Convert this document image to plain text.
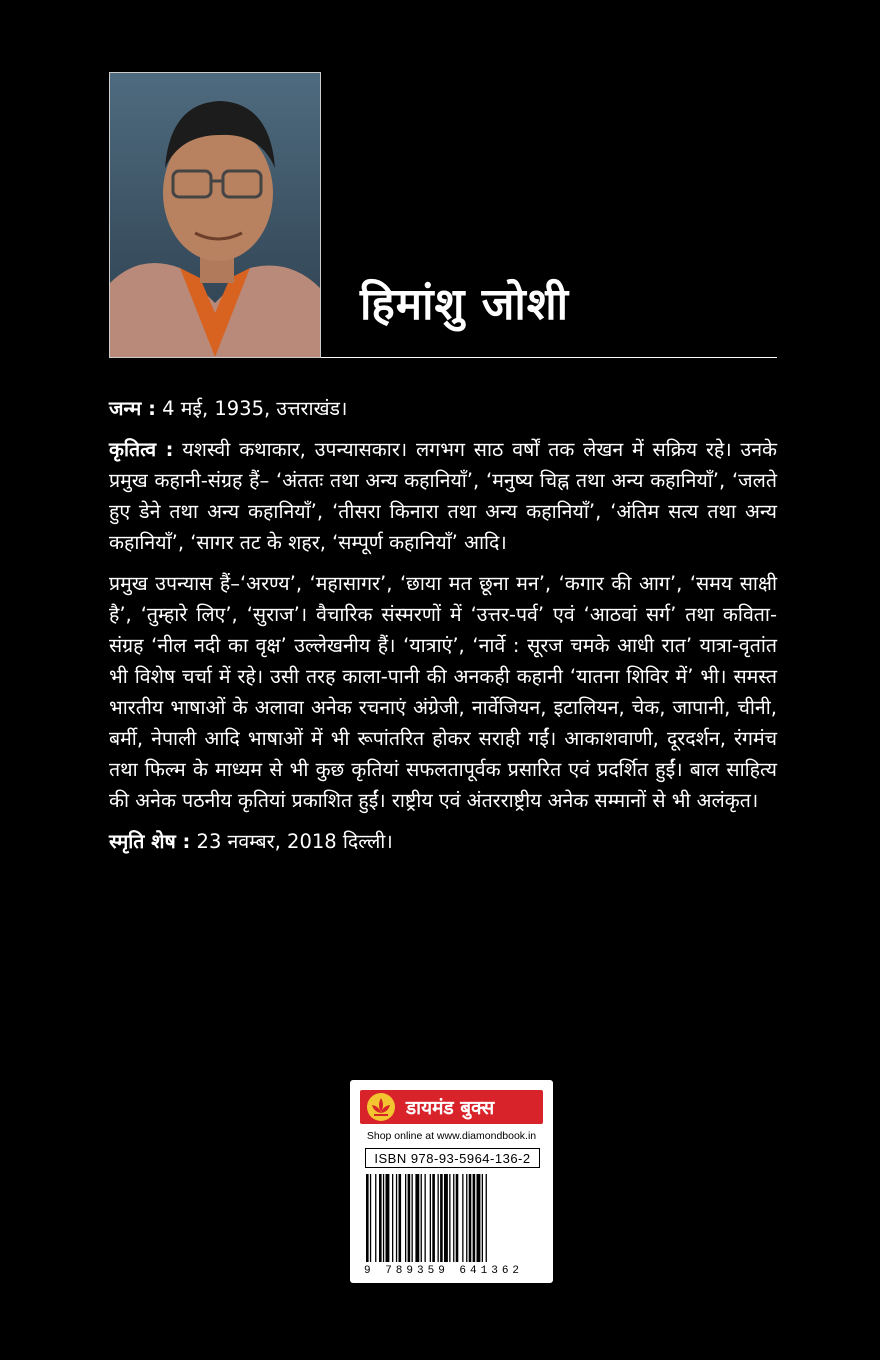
हिमांशु जोशी

जन्म : 4 मई, 1935, उत्तराखंड।

कृतित्व : यशस्वी कथाकार, उपन्यासकार। लगभग साठ वर्षों तक लेखन में सक्रिय रहे। उनके प्रमुख कहानी-संग्रह हैं– ‘अंततः तथा अन्य कहानियाँ’, ‘मनुष्य चिह्न तथा अन्य कहानियाँ’, ‘जलते हुए डेने तथा अन्य कहानियाँ’, ‘तीसरा किनारा तथा अन्य कहानियाँ’, ‘अंतिम सत्य तथा अन्य कहानियाँ’, ‘सागर तट के शहर, ‘सम्पूर्ण कहानियाँ’ आदि।

प्रमुख उपन्यास हैं–‘अरण्य’, ‘महासागर’, ‘छाया मत छूना मन’, ‘कगार की आग’, ‘समय साक्षी है’, ‘तुम्हारे लिए’, ‘सुराज’। वैचारिक संस्मरणों में ‘उत्तर-पर्व’ एवं ‘आठवां सर्ग’ तथा कविता-संग्रह ‘नील नदी का वृक्ष’ उल्लेखनीय हैं। ‘यात्राएं’, ‘नार्वे : सूरज चमके आधी रात’ यात्रा-वृतांत भी विशेष चर्चा में रहे। उसी तरह काला-पानी की अनकही कहानी ‘यातना शिविर में’ भी। समस्त भारतीय भाषाओं के अलावा अनेक रचनाएं अंग्रेजी, नार्वेजियन, इटालियन, चेक, जापानी, चीनी, बर्मी, नेपाली आदि भाषाओं में भी रूपांतरित होकर सराही गईं। आकाशवाणी, दूरदर्शन, रंगमंच तथा फिल्म के माध्यम से भी कुछ कृतियां सफलतापूर्वक प्रसारित एवं प्रदर्शित हुईं। बाल साहित्य की अनेक पठनीय कृतियां प्रकाशित हुईं। राष्ट्रीय एवं अंतरराष्ट्रीय अनेक सम्मानों से भी अलंकृत।

स्मृति शेष : 23 नवम्बर, 2018 दिल्ली।

डायमंड बुक्स
Shop online at www.diamondbook.in
ISBN 978-93-5964-136-2
9 789359 641362
